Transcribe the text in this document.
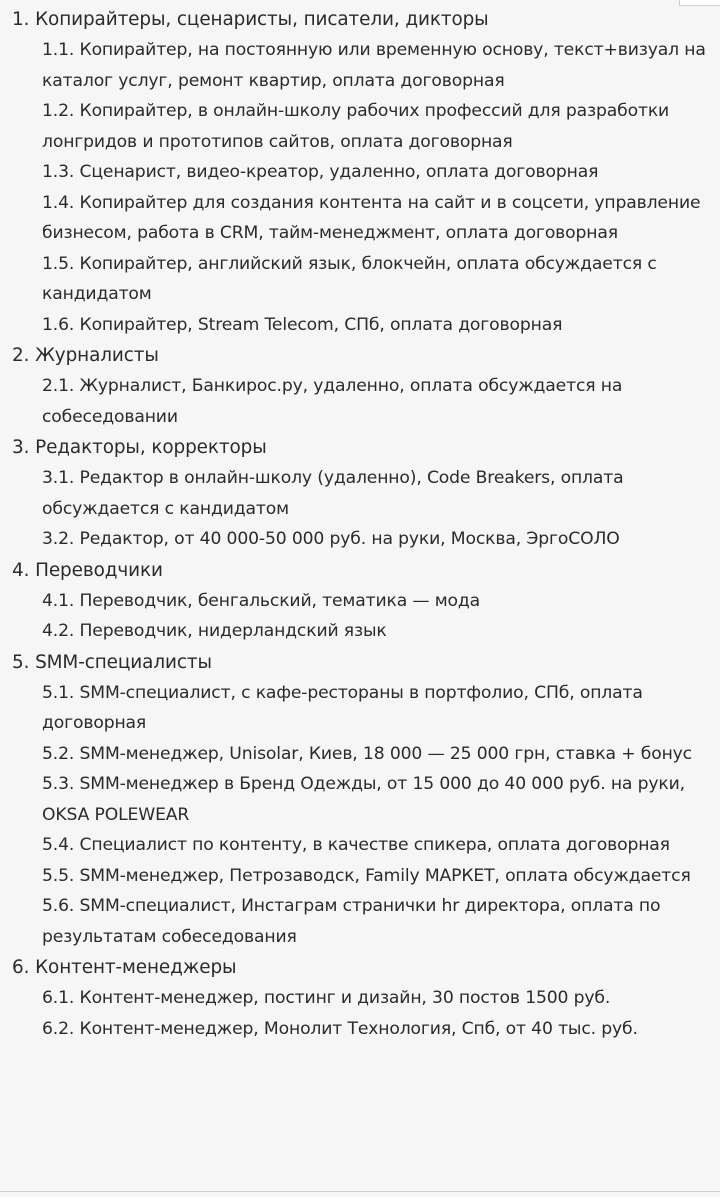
1. Копирайтеры, сценаристы, писатели, дикторы
1.1. Копирайтер, на постоянную или временную основу, текст+визуал на каталог услуг, ремонт квартир, оплата договорная
1.2. Копирайтер, в онлайн-школу рабочих профессий для разработки лонгридов и прототипов сайтов, оплата договорная
1.3. Сценарист, видео-креатор, удаленно, оплата договорная
1.4. Копирайтер для создания контента на сайт и в соцсети, управление бизнесом, работа в CRM, тайм-менеджмент, оплата договорная
1.5. Копирайтер, английский язык, блокчейн, оплата обсуждается с кандидатом
1.6. Копирайтер, Stream Telecom, СПб, оплата договорная
2. Журналисты
2.1. Журналист, Банкирос.ру, удаленно, оплата обсуждается на собеседовании
3. Редакторы, корректоры
3.1. Редактор в онлайн-школу (удаленно), Code Breakers, оплата обсуждается с кандидатом
3.2. Редактор, от 40 000-50 000 руб. на руки, Москва, ЭргоСОЛО
4. Переводчики
4.1. Переводчик, бенгальский, тематика — мода
4.2. Переводчик, нидерландский язык
5. SMM-специалисты
5.1. SMM-специалист, с кафе-рестораны в портфолио, СПб, оплата договорная
5.2. SMM-менеджер, Unisolar, Киев, 18 000 — 25 000 грн, ставка + бонус
5.3. SMM-менеджер в Бренд Одежды, от 15 000 до 40 000 руб. на руки, OKSA POLEWEAR
5.4. Специалист по контенту, в качестве спикера, оплата договорная
5.5. SMM-менеджер, Петрозаводск, Family МАРКЕТ, оплата обсуждается
5.6. SMM-специалист, Инстаграм странички hr директора, оплата по результатам собеседования
6. Контент-менеджеры
6.1. Контент-менеджер, постинг и дизайн, 30 постов 1500 руб.
6.2. Контент-менеджер, Монолит Технология, Спб, от 40 тыс. руб.
